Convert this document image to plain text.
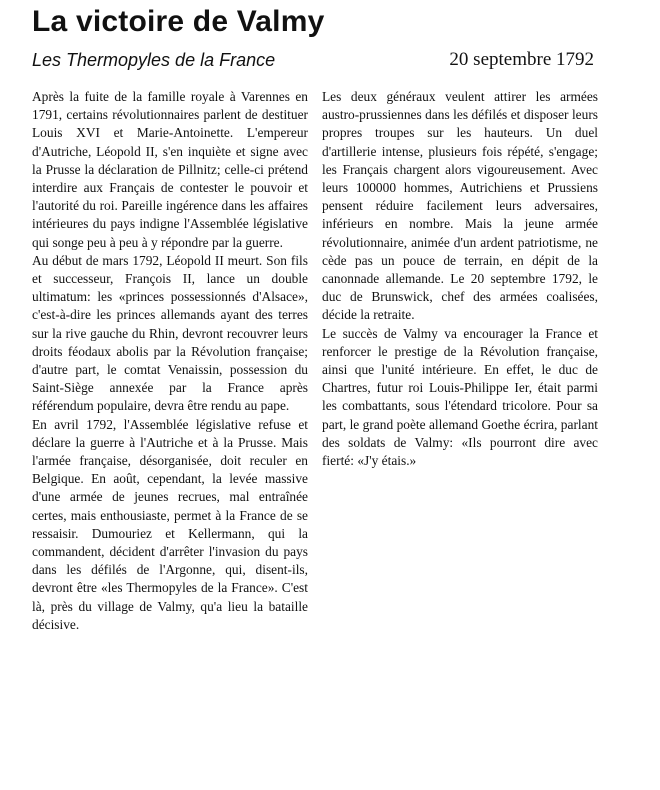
La victoire de Valmy
Les Thermopyles de la France	20 septembre 1792

Après la fuite de la famille royale à Varennes en 1791, certains révolutionnaires parlent de destituer Louis XVI et Marie-Antoinette. L'empereur d'Autriche, Léopold II, s'en inquiète et signe avec la Prusse la déclaration de Pillnitz; celle-ci prétend interdire aux Français de contester le pouvoir et l'autorité du roi. Pareille ingérence dans les affaires intérieures du pays indigne l'Assemblée législative qui songe peu à peu à y répondre par la guerre.

Au début de mars 1792, Léopold II meurt. Son fils et successeur, François II, lance un double ultimatum: les «princes possessionnés d'Alsace», c'est-à-dire les princes allemands ayant des terres sur la rive gauche du Rhin, devront recouvrer leurs droits féodaux abolis par la Révolution française; d'autre part, le comtat Venaissin, possession du Saint-Siège annexée par la France après référendum populaire, devra être rendu au pape.

En avril 1792, l'Assemblée législative refuse et déclare la guerre à l'Autriche et à la Prusse. Mais l'armée française, désorganisée, doit reculer en Belgique. En août, cependant, la levée massive d'une armée de jeunes recrues, mal entraînée certes, mais enthousiaste, permet à la France de se ressaisir. Dumouriez et Kellermann, qui la commandent, décident d'arrêter l'invasion du pays dans les défilés de l'Argonne, qui, disent-ils, devront être «les Thermopyles de la France». C'est là, près du village de Valmy, qu'a lieu la bataille décisive.

Les deux généraux veulent attirer les armées austro-prussiennes dans les défilés et disposer leurs propres troupes sur les hauteurs. Un duel d'artillerie intense, plusieurs fois répété, s'engage; les Français chargent alors vigoureusement. Avec leurs 100000 hommes, Autrichiens et Prussiens pensent réduire facilement leurs adversaires, inférieurs en nombre. Mais la jeune armée révolutionnaire, animée d'un ardent patriotisme, ne cède pas un pouce de terrain, en dépit de la canonnade allemande. Le 20 septembre 1792, le duc de Brunswick, chef des armées coalisées, décide la retraite.

Le succès de Valmy va encourager la France et renforcer le prestige de la Révolution française, ainsi que l'unité intérieure. En effet, le duc de Chartres, futur roi Louis-Philippe Ier, était parmi les combattants, sous l'étendard tricolore. Pour sa part, le grand poète allemand Goethe écrira, parlant des soldats de Valmy: «Ils pourront dire avec fierté: «J'y étais.»
